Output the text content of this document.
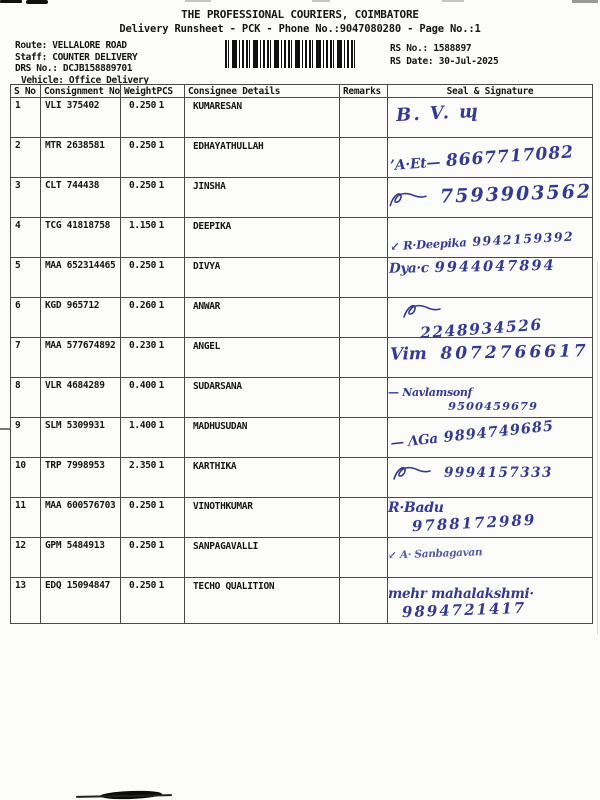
THE PROFESSIONAL COURIERS, COIMBATORE
Delivery Runsheet - PCK - Phone No.:9047080280 - Page No.:1
Route: VELLALORE ROAD
Staff: COUNTER DELIVERY
DRS No.: DCJB158889701
Vehicle: Office Delivery
RS No.: 1588897
RS Date: 30-Jul-2025
S No	Consignment No	Weight PCS	Consignee Details	Remarks	Seal & Signature
1	VLI 375402	0.250 1	KUMARESAN		B. V. ɰ

2	MTR 2638581	0.250 1	EDHAYATHULLAH		’A·Et— 8667717082

3	CLT 744438	0.250 1	JINSHA		7593903562

4	TCG 41818758	1.150 1	DEEPIKA		↙ R·Deepika 9942159392

5	MAA 652314465	0.250 1	DIVYA		Dya·c 9944047894

6	KGD 965712	0.260 1	ANWAR		2248934526

7	MAA 577674892	0.230 1	ANGEL		Vim 8072766617

8	VLR 4684289	0.400 1	SUDARSANA		— Navlamsonf
9500459679

9	SLM 5309931	1.400 1	MADHUSUDAN		— ΛGa 9894749685

10	TRP 7998953	2.350 1	KARTHIKA		9994157333

11	MAA 600576703	0.250 1	VINOTHKUMAR		R·Badu
9788172989

12	GPM 5484913	0.250 1	SANPAGAVALLI		↙ A· Sanbagavan

13	EDQ 15094847	0.250 1	TECHO QUALITION		mehr mahalakshmi·
9894721417
